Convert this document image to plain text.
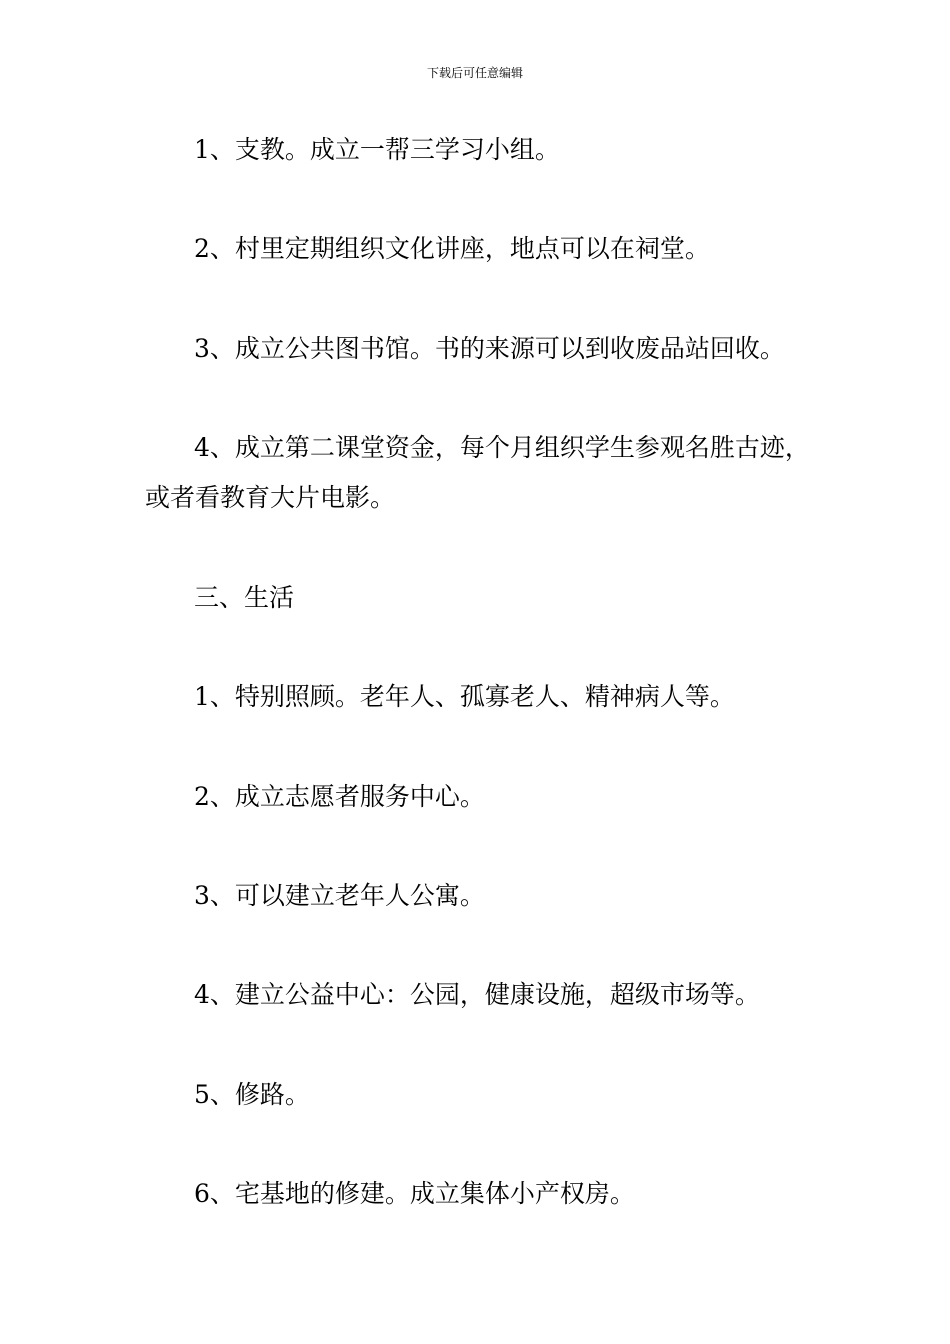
下载后可任意编辑
1、支教。成立一帮三学习小组。
2、村里定期组织文化讲座，地点可以在祠堂。
3、成立公共图书馆。书的来源可以到收废品站回收。
4、成立第二课堂资金，每个月组织学生参观名胜古迹，
或者看教育大片电影。
三、生活
1、特别照顾。老年人、孤寡老人、精神病人等。
2、成立志愿者服务中心。
3、可以建立老年人公寓。
4、建立公益中心：公园，健康设施，超级市场等。
5、修路。
6、宅基地的修建。成立集体小产权房。
